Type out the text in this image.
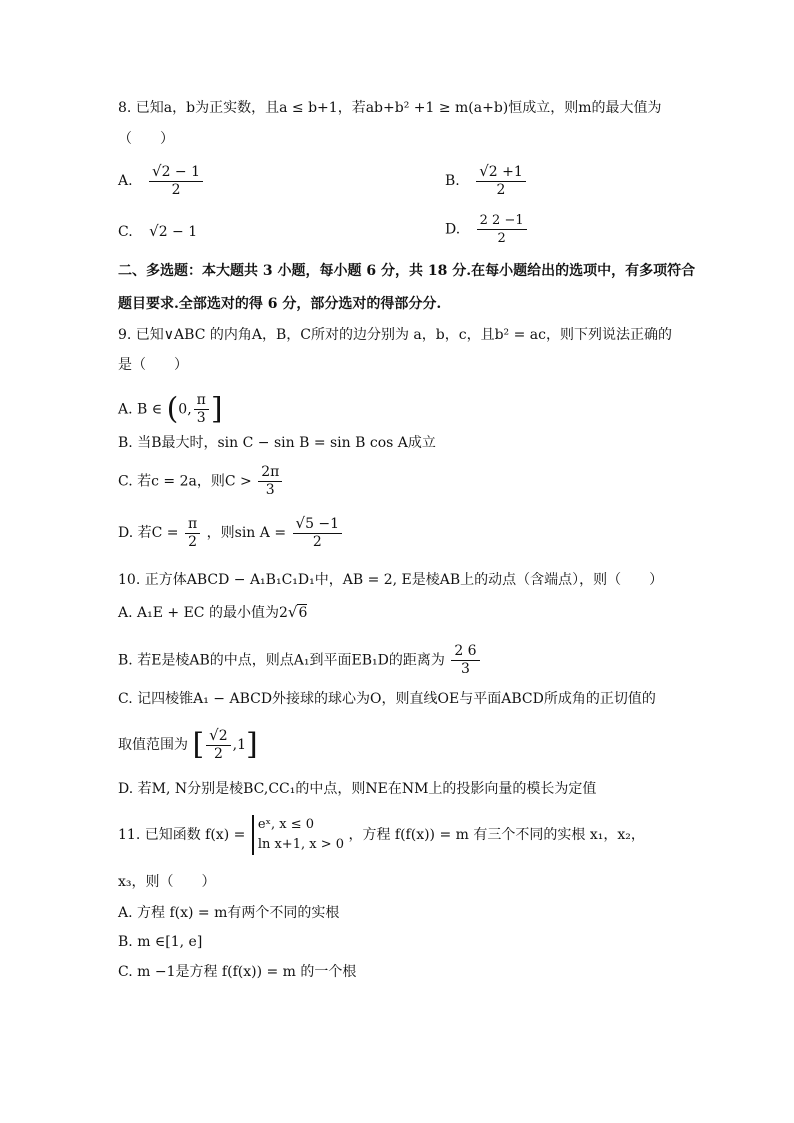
8. 已知a，b为正实数，且a ≤ b+1，若ab+b² +1 ≥ m(a+b)恒成立，则m的最大值为
（　　）
A. $\frac{√2 - 1}{2}$	B. $\frac{√2 +1}{2}$
C. √2 − 1	D. $\frac{2 2 -1}{2}$
二、多选题：本大题共 3 小题，每小题 6 分，共 18 分.在每小题给出的选项中，有多项符合
题目要求.全部选对的得 6 分，部分选对的得部分分.
9. 已知∨ABC 的内角A，B，C所对的边分别为 a，b，c，且b² = ac，则下列说法正确的
是（　　）
A. B ∈ (0, $\frac{\pi}{3}$ ]
B. 当B最大时，sin C − sin B = sin B cos A成立
C. 若c = 2a，则$C > \frac{2\pi}{3}$
D. 若$C = \frac{\pi}{2}$ ，则$\sin A = \frac{√5 -1}{2}$
10. 正方体ABCD − A₁B₁C₁D₁中，AB = 2, E是棱AB上的动点（含端点），则（　　）
A. A₁E + EC 的最小值为2√6
B. 若E是棱AB的中点，则点A₁到平面EB₁D的距离为 $\frac{2 6}{3}$
C. 记四棱锥A₁ − ABCD外接球的球心为O，则直线OE与平面ABCD所成角的正切值的
取值范围为 [ $\frac{√2}{2} ,1$]
D. 若M, N分别是棱BC,CC₁的中点，则NE在NM上的投影向量的模长为定值
11. 已知函数 f(x) =
eˣ, x ≤ 0
ln x+1, x > 0
，方程 f(f(x)) = m 有三个不同的实根 x₁，x₂，
x₃，则（　　）
A. 方程 f(x) = m有两个不同的实根
B. m ∈[1, e]
C. m −1是方程 f(f(x)) = m 的一个根
